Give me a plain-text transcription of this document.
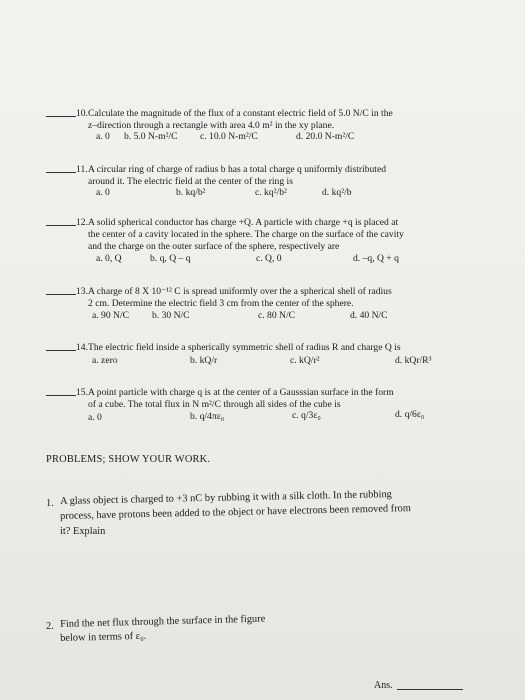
10. Calculate the magnitude of the flux of a constant electric field of 5.0 N/C in the
z–direction through a rectangle with area 4.0 m² in the xy plane.
a. 0 b. 5.0 N-m²/C c. 10.0 N-m²/C	d. 20.0 N-m²/C
11. A circular ring of charge of radius b has a total charge q uniformly distributed
around it. The electric field at the center of the ring is
a. 0	b. kq/b²	c. kq²/b²	d. kq²/b
12. A solid spherical conductor has charge +Q. A particle with charge +q is placed at
the center of a cavity located in the sphere. The charge on the surface of the cavity
and the charge on the outer surface of the sphere, respectively are
a. 0, Q	b. q, Q – q	c. Q, 0	d. –q, Q + q
13. A charge of 8 X 10⁻¹² C is spread uniformly over the a spherical shell of radius
2 cm. Determine the electric field 3 cm from the center of the sphere.
a. 90 N/C b. 30 N/C	c. 80 N/C	d. 40 N/C
14. The electric field inside a spherically symmetric shell of radius R and charge Q is
a. zero	b. kQ/r	c. kQ/r²	d. kQr/R³
15. A point particle with charge q is at the center of a Gausssian surface in the form
of a cube. The total flux in N m²/C through all sides of the cube is
a. 0	b. q/4πε₀	c. q/3ε₀	d. q/6ε₀
PROBLEMS; SHOW YOUR WORK.
1. A glass object is charged to +3 nC by rubbing it with a silk cloth. In the rubbing
process, have protons been added to the object or have electrons been removed from
it? Explain
2. Find the net flux through the surface in the figure
below in terms of ε₀.
Ans.
